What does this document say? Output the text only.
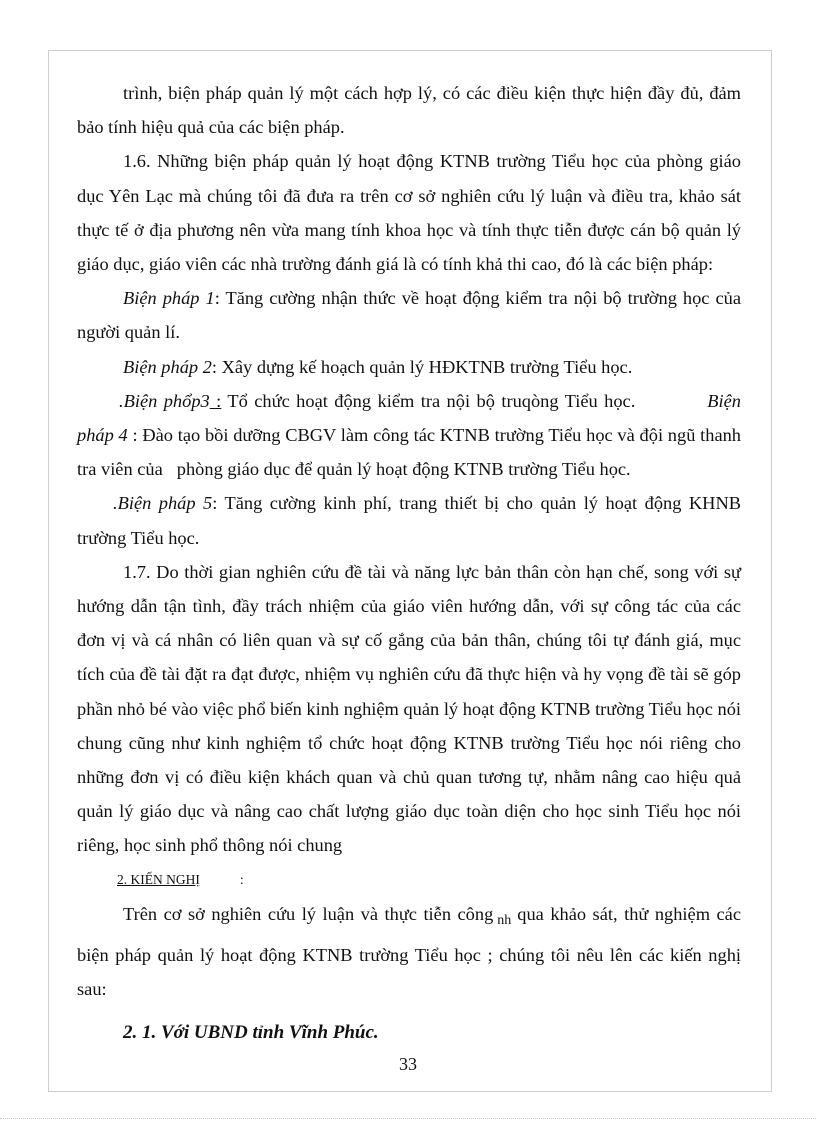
trình, biện pháp quản lý một cách hợp lý, có các điều kiện thực hiện đầy đủ, đảm bảo tính hiệu quả của các biện pháp.

1.6. Những biện pháp quản lý hoạt động KTNB trường Tiểu học của phòng giáo dục Yên Lạc mà chúng tôi đã đưa ra trên cơ sở nghiên cứu lý luận và điều tra, khảo sát thực tế ở địa phương nên vừa mang tính khoa học và tính thực tiễn được cán bộ quản lý giáo dục, giáo viên các nhà trường đánh giá là có tính khả thi cao, đó là các biện pháp:

Biện pháp 1: Tăng cường nhận thức về hoạt động kiểm tra nội bộ trường học của người quản lí.

Biện pháp 2: Xây dựng kế hoạch quản lý HĐKTNB trường Tiểu học.

.Biện phổp3 : Tổ chức hoạt động kiểm tra nội bộ truqòng Tiểu học.	Biện pháp 4 : Đào tạo bồi dưỡng CBGV làm công tác KTNB trường Tiểu học và đội ngũ thanh tra viên của phòng giáo dục để quản lý hoạt động KTNB trường Tiểu học.

.Biện pháp 5: Tăng cường kinh phí, trang thiết bị cho quản lý hoạt động KHNB trường Tiểu học.

1.7. Do thời gian nghiên cứu đề tài và năng lực bản thân còn hạn chế, song với sự hướng dẫn tận tình, đầy trách nhiệm của giáo viên hướng dẫn, với sự công tác của các đơn vị và cá nhân có liên quan và sự cố gắng của bản thân, chúng tôi tự đánh giá, mục tích của đề tài đặt ra đạt được, nhiệm vụ nghiên cứu đã thực hiện và hy vọng đề tài sẽ góp phần nhỏ bé vào việc phổ biến kinh nghiệm quản lý hoạt động KTNB trường Tiểu học nói chung cũng như kinh nghiệm tổ chức hoạt động KTNB trường Tiểu học nói riêng cho những đơn vị có điều kiện khách quan và chủ quan tương tự, nhằm nâng cao hiệu quả quản lý giáo dục và nâng cao chất lượng giáo dục toàn diện cho học sinh Tiểu học nói riêng, học sinh phổ thông nói chung

2. KIẾN NGHỊ	:

Trên cơ sở nghiên cứu lý luận và thực tiễn công $_{nh}$ qua khảo sát, thử nghiệm các biện pháp quản lý hoạt động KTNB trường Tiểu học ; chúng tôi nêu lên các kiến nghị sau:

2. 1. Với UBND tỉnh Vĩnh Phúc.

33
